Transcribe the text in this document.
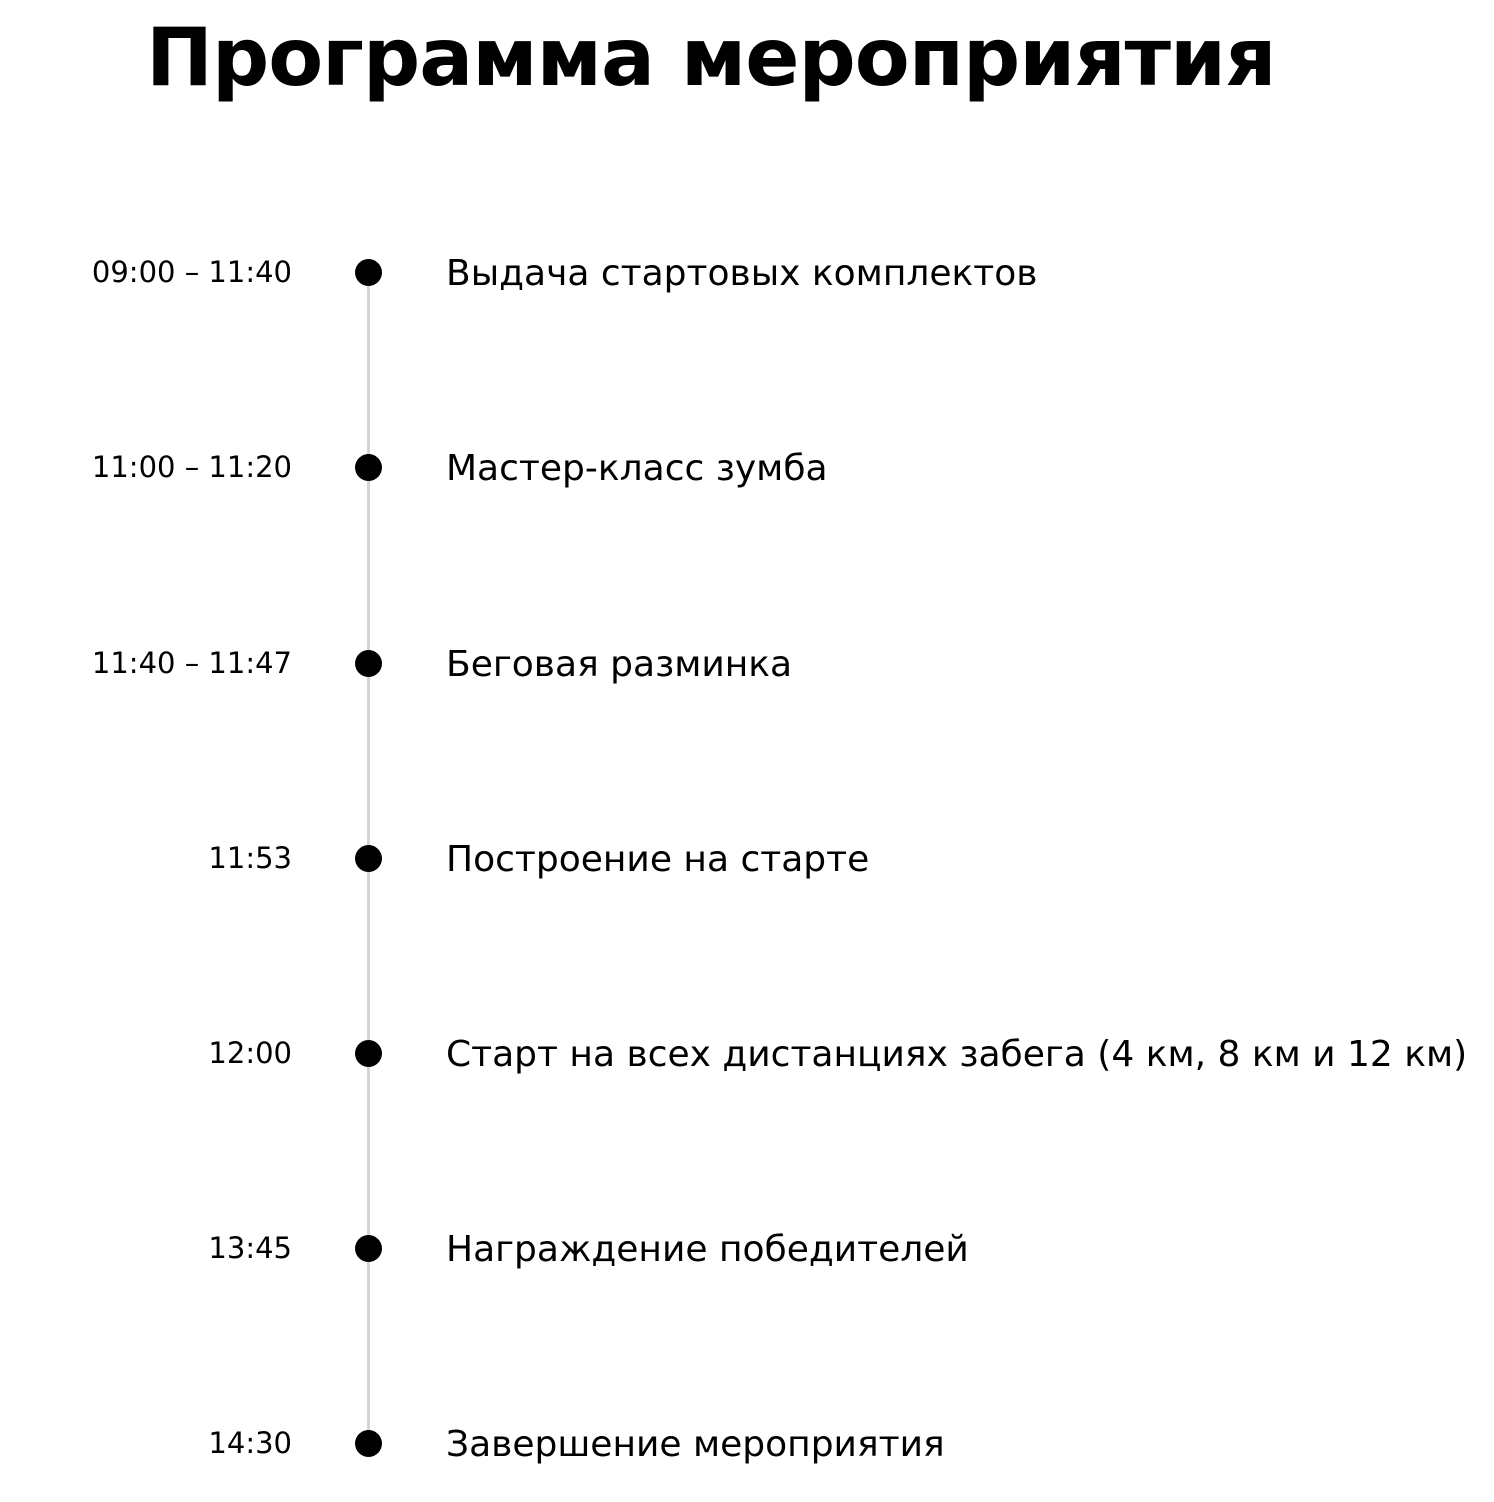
Программа мероприятия
09:00 – 11:40	Выдача стартовых комплектов
11:00 – 11:20	Мастер-класс зумба
11:40 – 11:47	Беговая разминка
11:53	Построение на старте
12:00	Старт на всех дистанциях забега (4 км, 8 км и 12 км)
13:45	Награждение победителей
14:30	Завершение мероприятия
